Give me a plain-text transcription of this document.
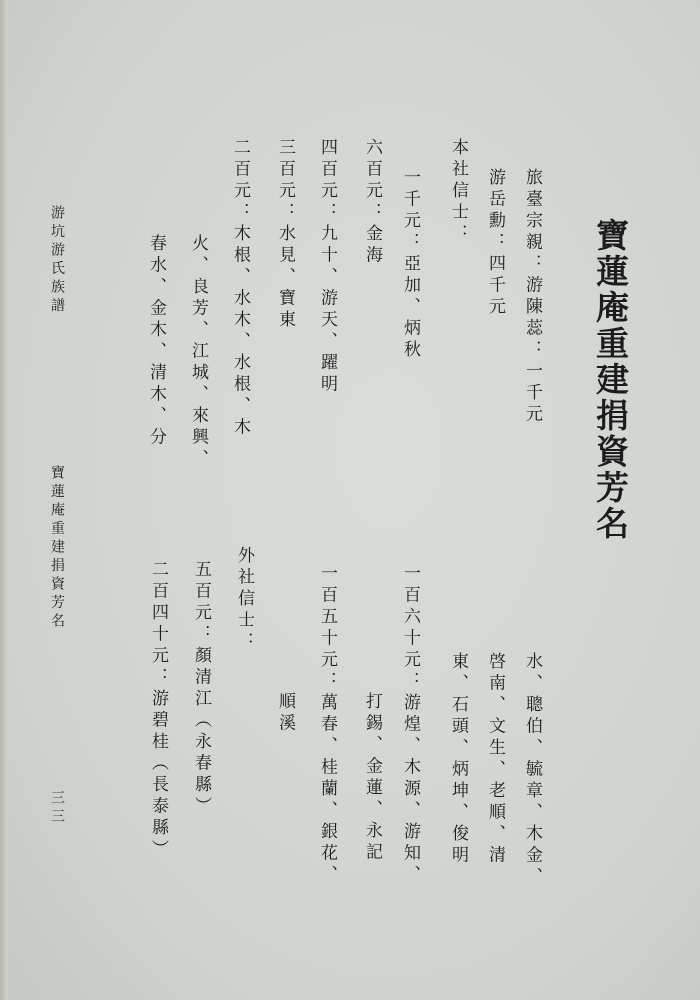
游坑游氏族譜
寶蓮庵重建捐資芳名
三三
寶蓮庵重建捐資芳名
旅臺宗親：游陳蕊：一千元
游岳勳：四千元
本社信士：
一千元：亞加、炳秋
六百元：金海
四百元：九十、游天、躍明
三百元：水見、寶東
二百元：木根、水木、水根、木
火、良芳、江城、來興、
春水、金木、清木、分
水、聰伯、毓章、木金、
啓南、文生、老順、清
東、石頭、炳坤、俊明
一百六十元：游煌、木源、游知、
打錫、金蓮、永記
一百五十元：萬春、桂蘭、銀花、
順溪
外社信士：
五百元：顏清江（永春縣）
二百四十元：游碧桂（長泰縣）
